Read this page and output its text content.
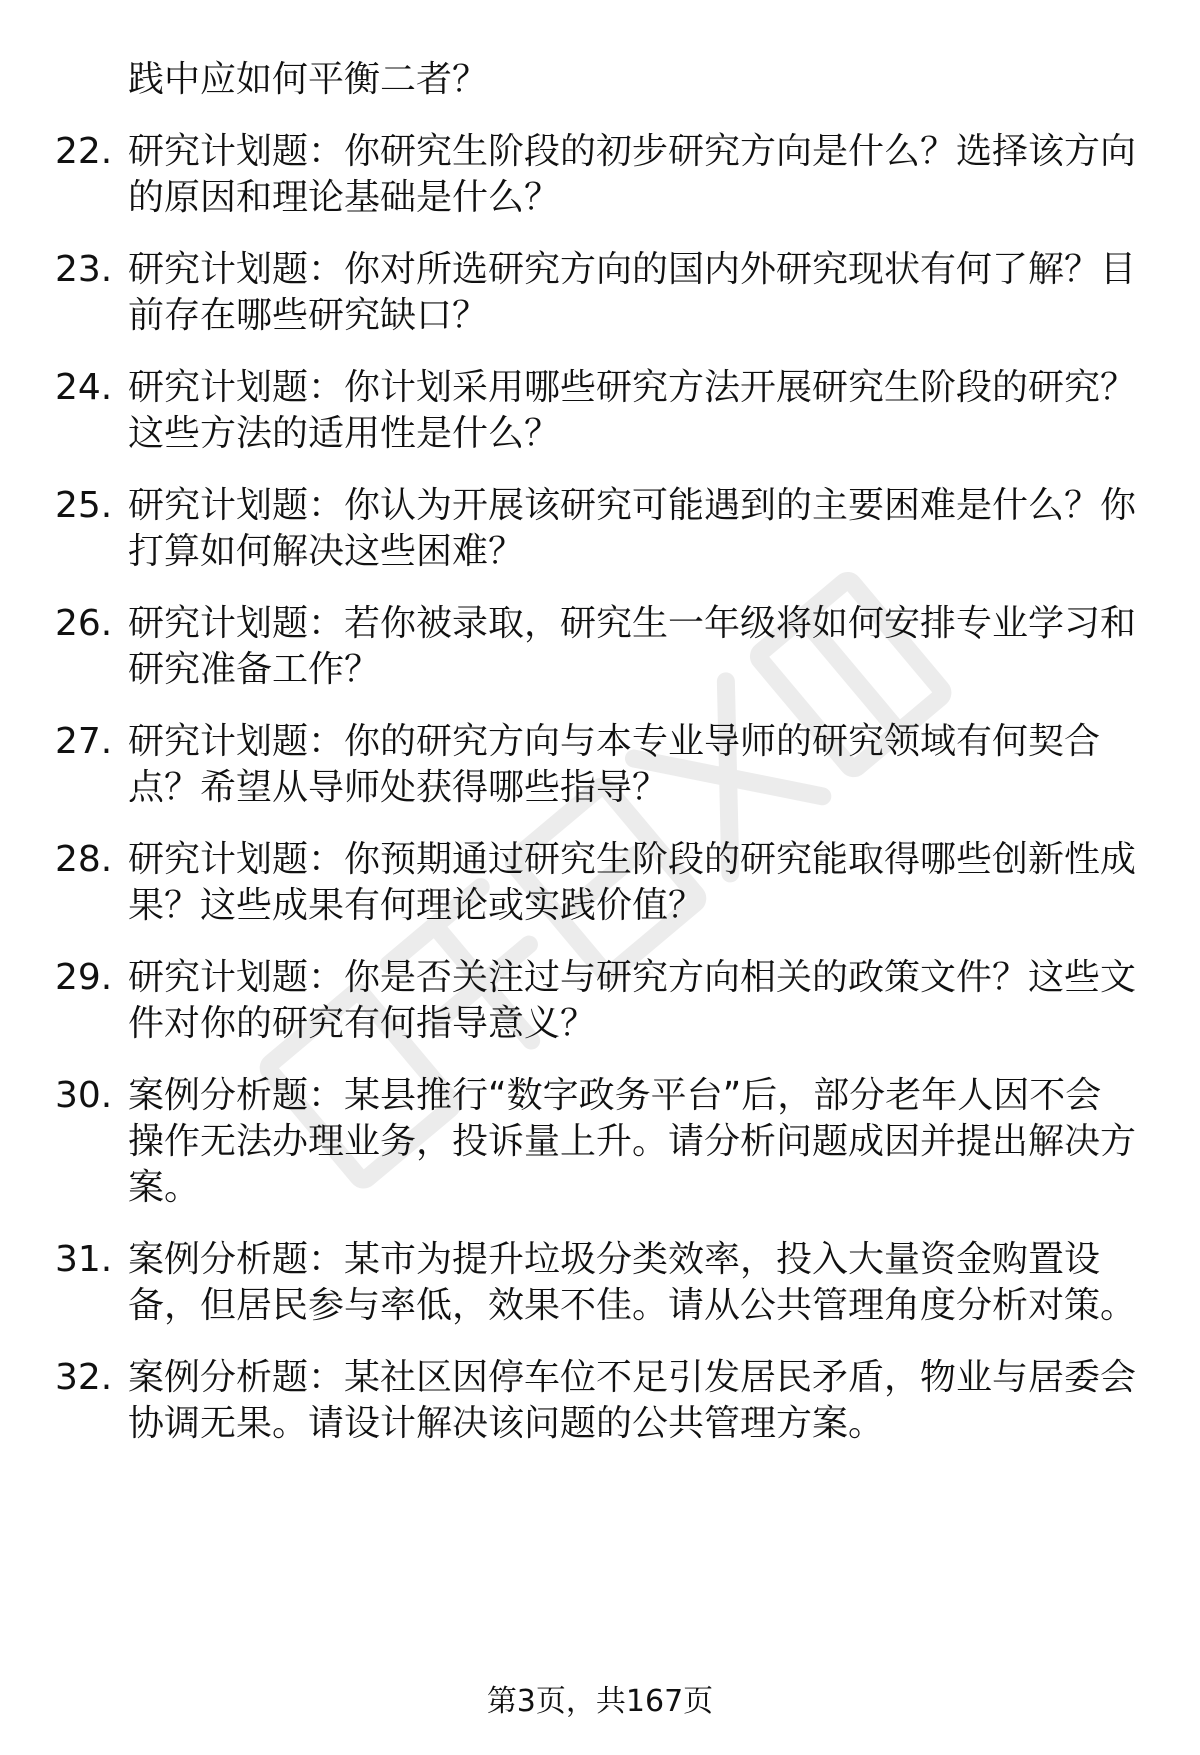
践中应如何平衡二者？
22. 研究计划题：你研究生阶段的初步研究方向是什么？选择该方向
的原因和理论基础是什么？
23. 研究计划题：你对所选研究方向的国内外研究现状有何了解？目
前存在哪些研究缺口？
24. 研究计划题：你计划采用哪些研究方法开展研究生阶段的研究？
这些方法的适用性是什么？
25. 研究计划题：你认为开展该研究可能遇到的主要困难是什么？你
打算如何解决这些困难？
26. 研究计划题：若你被录取，研究生一年级将如何安排专业学习和
研究准备工作？
27. 研究计划题：你的研究方向与本专业导师的研究领域有何契合
点？希望从导师处获得哪些指导？
28. 研究计划题：你预期通过研究生阶段的研究能取得哪些创新性成
果？这些成果有何理论或实践价值？
29. 研究计划题：你是否关注过与研究方向相关的政策文件？这些文
件对你的研究有何指导意义？
30. 案例分析题：某县推行“数字政务平台”后，部分老年人因不会
操作无法办理业务，投诉量上升。请分析问题成因并提出解决方
案。
31. 案例分析题：某市为提升垃圾分类效率，投入大量资金购置设
备，但居民参与率低，效果不佳。请从公共管理角度分析对策。
32. 案例分析题：某社区因停车位不足引发居民矛盾，物业与居委会
协调无果。请设计解决该问题的公共管理方案。
第3页，共167页
